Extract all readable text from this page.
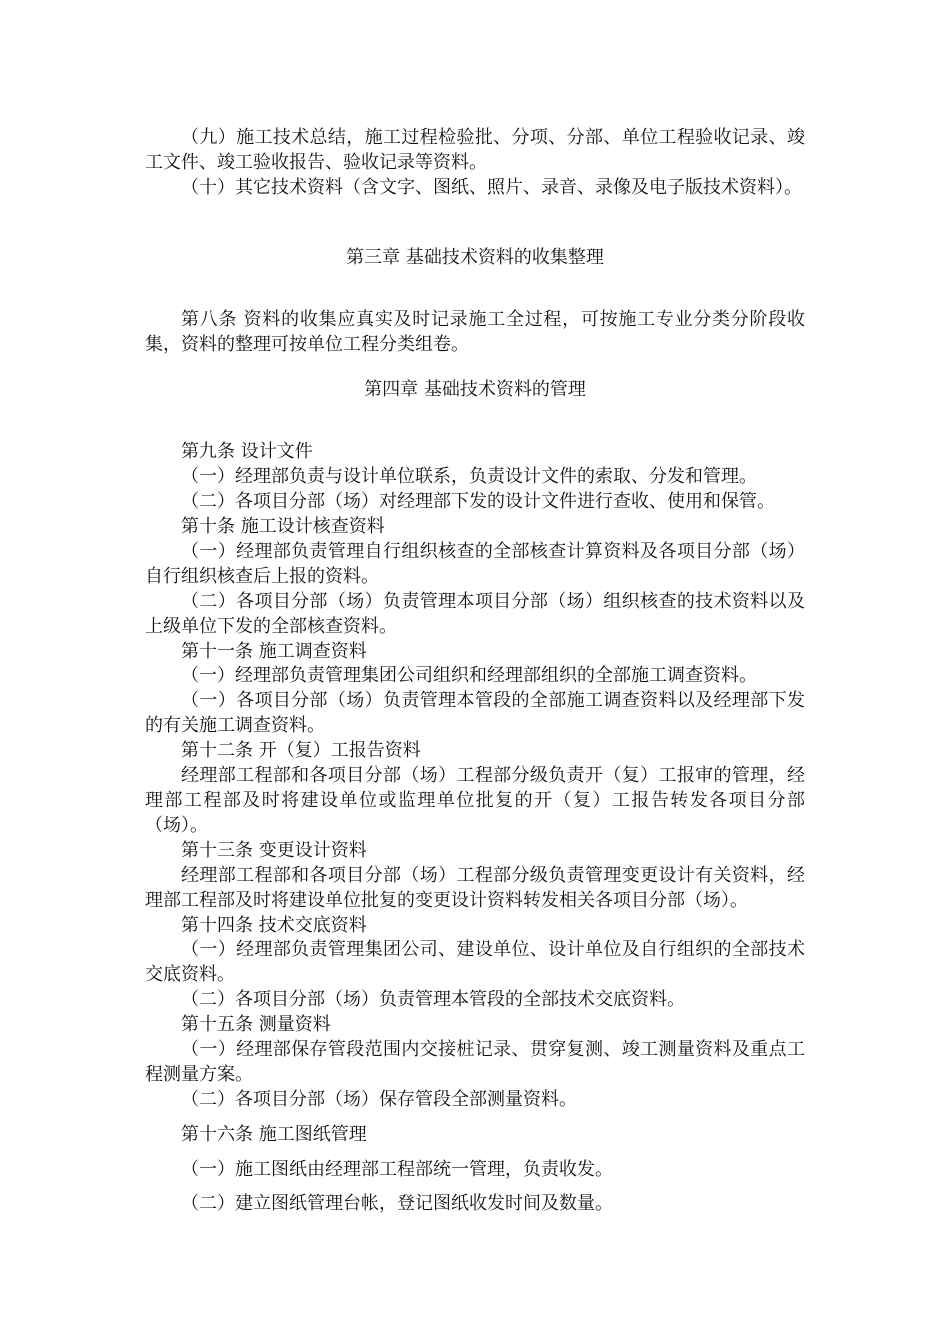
（九）施工技术总结，施工过程检验批、分项、分部、单位工程验收记录、竣工文件、竣工验收报告、验收记录等资料。

（十）其它技术资料（含文字、图纸、照片、录音、录像及电子版技术资料）。

第三章 基础技术资料的收集整理

第八条 资料的收集应真实及时记录施工全过程，可按施工专业分类分阶段收集，资料的整理可按单位工程分类组卷。

第四章 基础技术资料的管理

第九条 设计文件

（一）经理部负责与设计单位联系，负责设计文件的索取、分发和管理。

（二）各项目分部（场）对经理部下发的设计文件进行查收、使用和保管。

第十条 施工设计核查资料

（一）经理部负责管理自行组织核查的全部核查计算资料及各项目分部（场）自行组织核查后上报的资料。

（二）各项目分部（场）负责管理本项目分部（场）组织核查的技术资料以及上级单位下发的全部核查资料。

第十一条 施工调查资料

（一）经理部负责管理集团公司组织和经理部组织的全部施工调查资料。

（一）各项目分部（场）负责管理本管段的全部施工调查资料以及经理部下发的有关施工调查资料。

第十二条 开（复）工报告资料

经理部工程部和各项目分部（场）工程部分级负责开（复）工报审的管理，经理部工程部及时将建设单位或监理单位批复的开（复）工报告转发各项目分部（场）。

第十三条 变更设计资料

经理部工程部和各项目分部（场）工程部分级负责管理变更设计有关资料，经理部工程部及时将建设单位批复的变更设计资料转发相关各项目分部（场）。

第十四条 技术交底资料

（一）经理部负责管理集团公司、建设单位、设计单位及自行组织的全部技术交底资料。

（二）各项目分部（场）负责管理本管段的全部技术交底资料。

第十五条 测量资料

（一）经理部保存管段范围内交接桩记录、贯穿复测、竣工测量资料及重点工程测量方案。

（二）各项目分部（场）保存管段全部测量资料。

第十六条 施工图纸管理

（一）施工图纸由经理部工程部统一管理，负责收发。

（二）建立图纸管理台帐，登记图纸收发时间及数量。
